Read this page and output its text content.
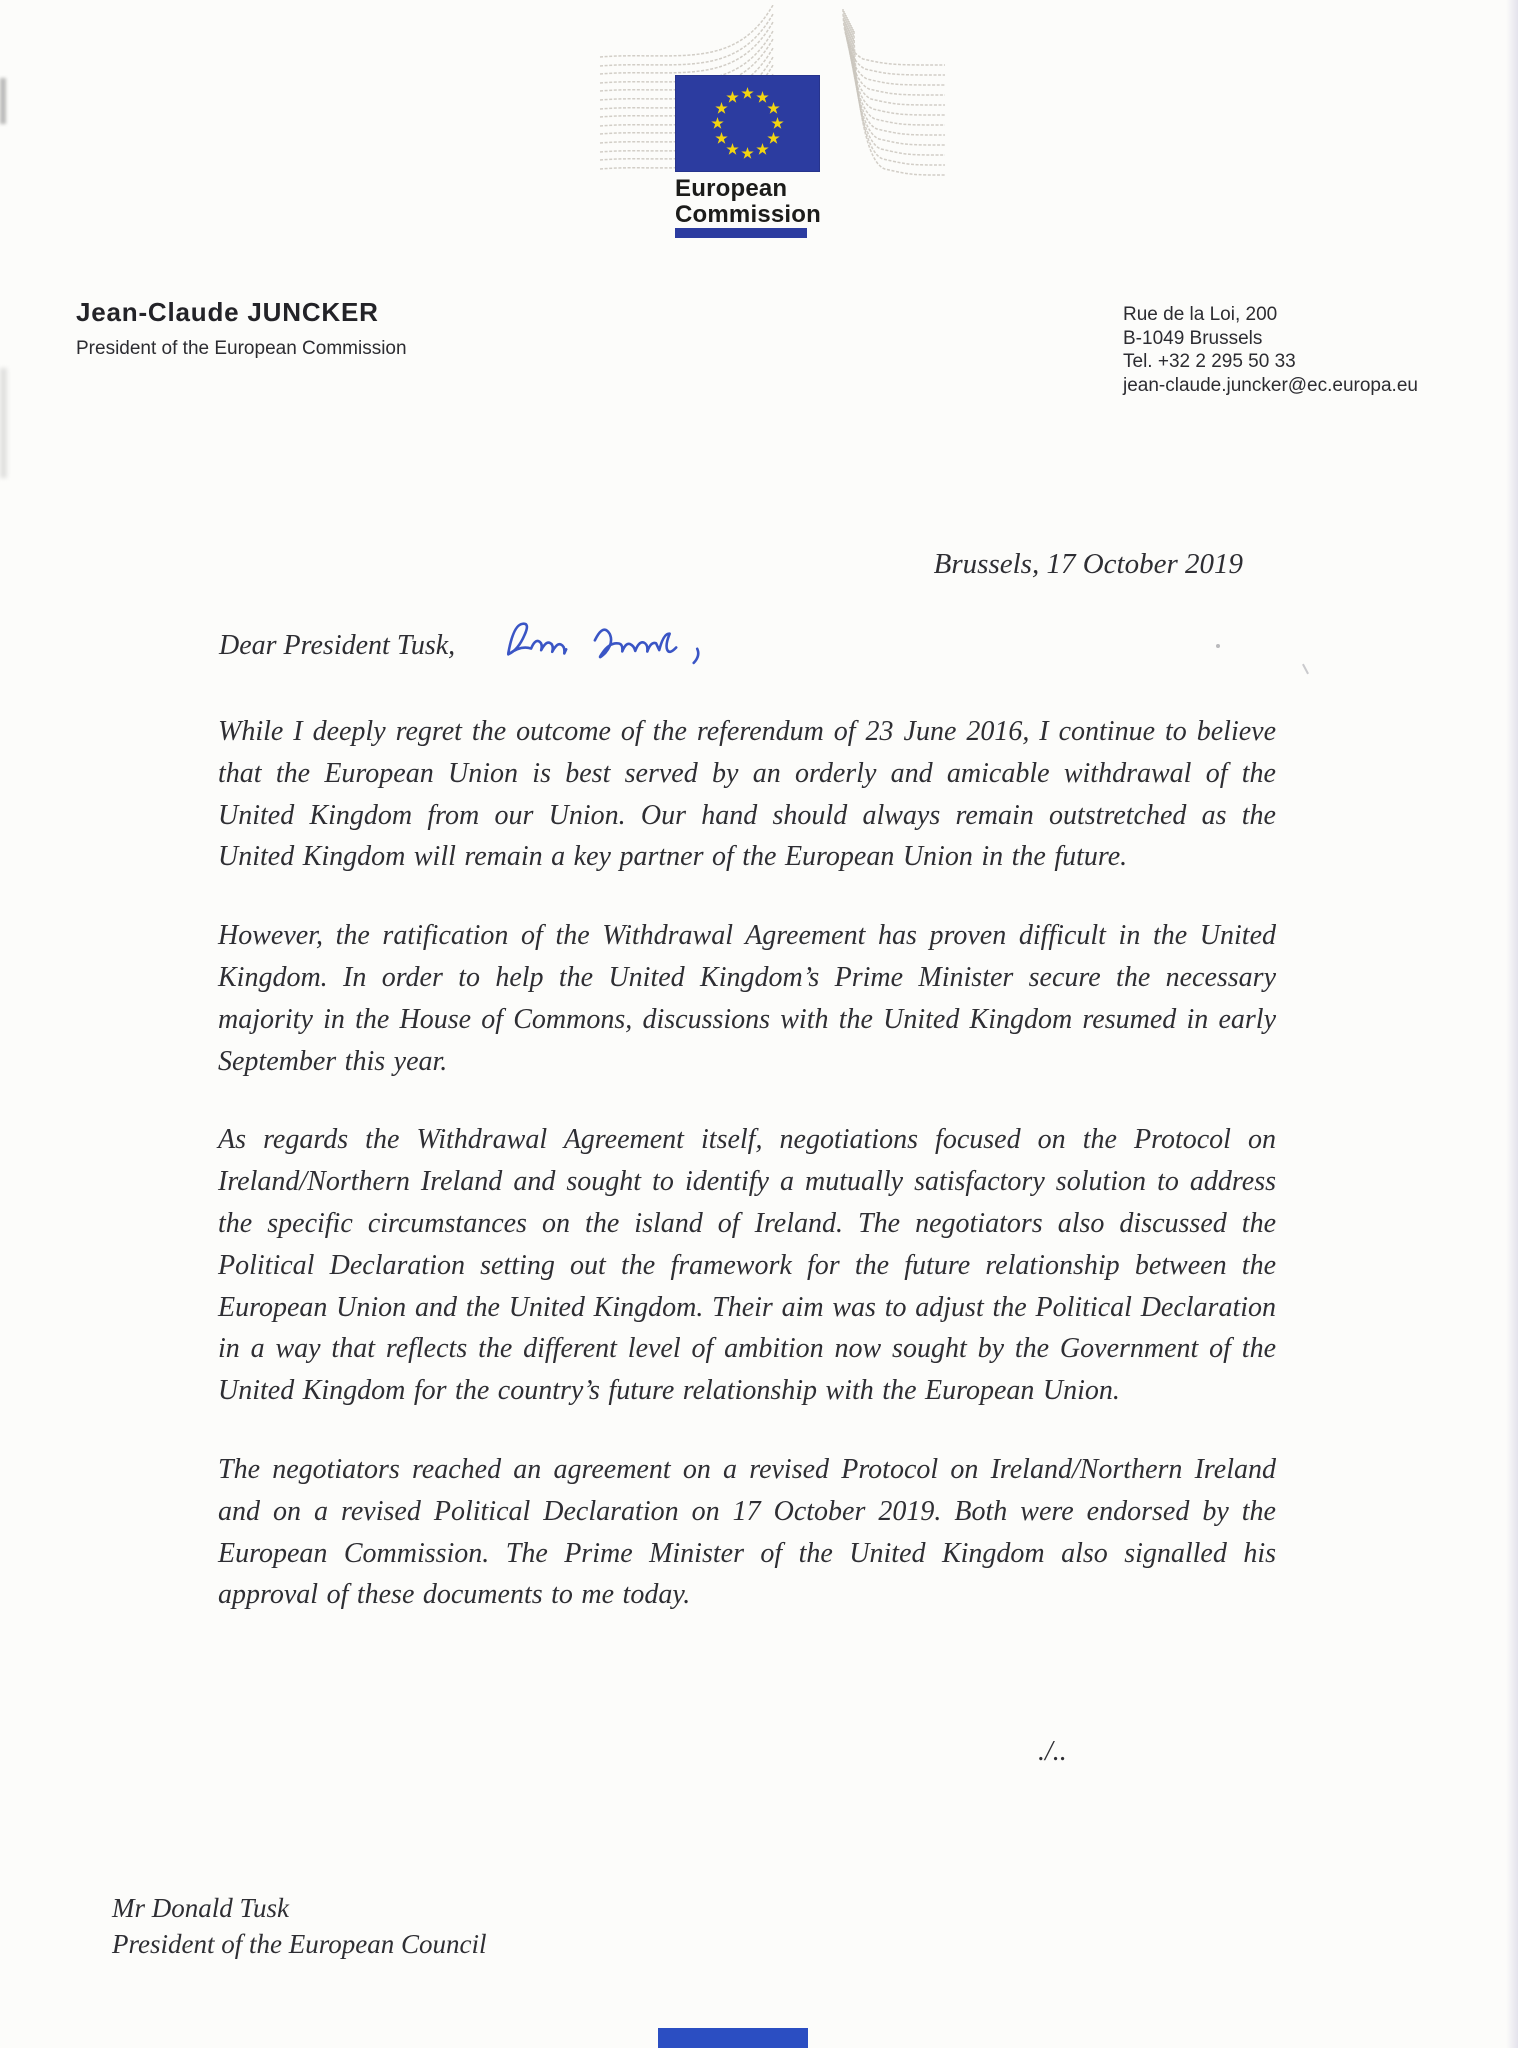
European
Commission
Jean-Claude JUNCKER
President of the European Commission
Rue de la Loi, 200
B-1049 Brussels
Tel. +32 2 295 50 33
jean-claude.juncker@ec.europa.eu
Brussels, 17 October 2019
Dear President Tusk,

While I deeply regret the outcome of the referendum of 23 June 2016, I continue to believe that the European Union is best served by an orderly and amicable withdrawal of the United Kingdom from our Union. Our hand should always remain outstretched as the United Kingdom will remain a key partner of the European Union in the future.

However, the ratification of the Withdrawal Agreement has proven difficult in the United Kingdom. In order to help the United Kingdom’s Prime Minister secure the necessary majority in the House of Commons, discussions with the United Kingdom resumed in early September this year.

As regards the Withdrawal Agreement itself, negotiations focused on the Protocol on Ireland/Northern Ireland and sought to identify a mutually satisfactory solution to address the specific circumstances on the island of Ireland. The negotiators also discussed the Political Declaration setting out the framework for the future relationship between the European Union and the United Kingdom. Their aim was to adjust the Political Declaration in a way that reflects the different level of ambition now sought by the Government of the United Kingdom for the country’s future relationship with the European Union.

The negotiators reached an agreement on a revised Protocol on Ireland/Northern Ireland and on a revised Political Declaration on 17 October 2019. Both were endorsed by the European Commission. The Prime Minister of the United Kingdom also signalled his approval of these documents to me today.

./..
Mr Donald Tusk
President of the European Council
